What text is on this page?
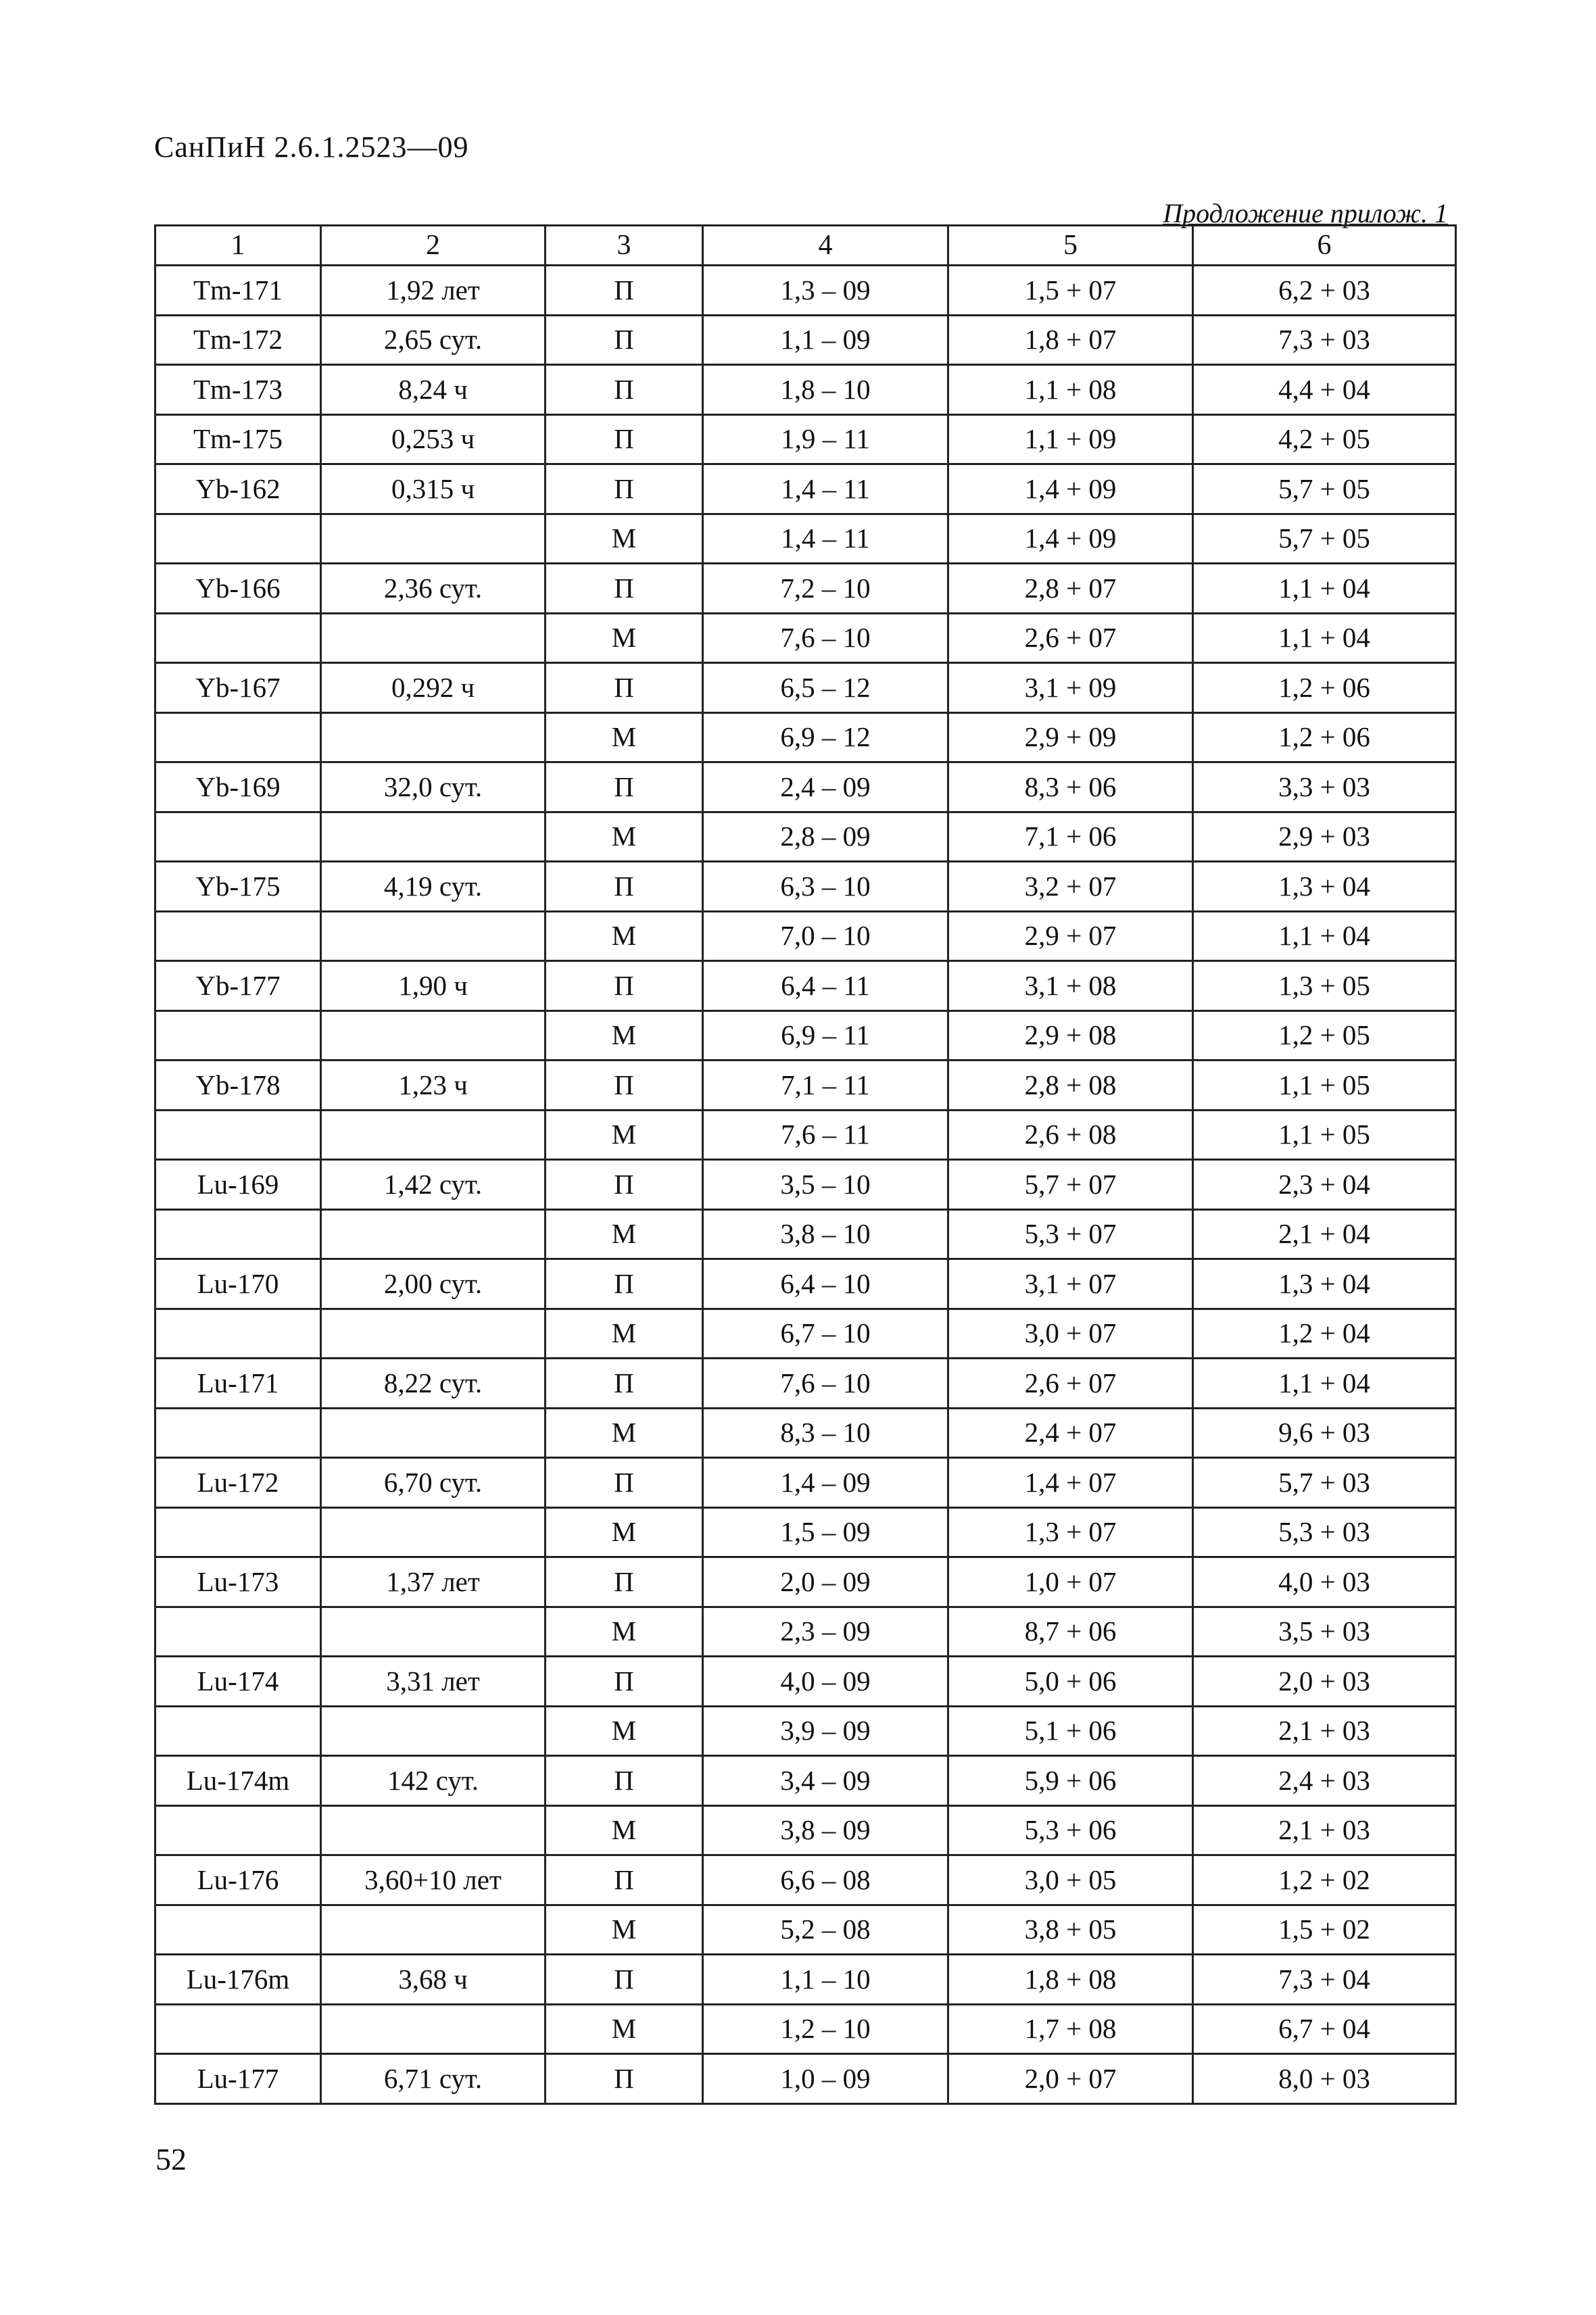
СанПиН 2.6.1.2523—09
Продложение прилож. 1
1	2	3	4	5	6
Tm-171	1,92 лет	П	1,3 – 09	1,5 + 07	6,2 + 03
Tm-172	2,65 сут.	П	1,1 – 09	1,8 + 07	7,3 + 03
Tm-173	8,24 ч	П	1,8 – 10	1,1 + 08	4,4 + 04
Tm-175	0,253 ч	П	1,9 – 11	1,1 + 09	4,2 + 05
Yb-162	0,315 ч	П	1,4 – 11	1,4 + 09	5,7 + 05
		М	1,4 – 11	1,4 + 09	5,7 + 05
Yb-166	2,36 сут.	П	7,2 – 10	2,8 + 07	1,1 + 04
		М	7,6 – 10	2,6 + 07	1,1 + 04
Yb-167	0,292 ч	П	6,5 – 12	3,1 + 09	1,2 + 06
		М	6,9 – 12	2,9 + 09	1,2 + 06
Yb-169	32,0 сут.	П	2,4 – 09	8,3 + 06	3,3 + 03
		М	2,8 – 09	7,1 + 06	2,9 + 03
Yb-175	4,19 сут.	П	6,3 – 10	3,2 + 07	1,3 + 04
		М	7,0 – 10	2,9 + 07	1,1 + 04
Yb-177	1,90 ч	П	6,4 – 11	3,1 + 08	1,3 + 05
		М	6,9 – 11	2,9 + 08	1,2 + 05
Yb-178	1,23 ч	П	7,1 – 11	2,8 + 08	1,1 + 05
		М	7,6 – 11	2,6 + 08	1,1 + 05
Lu-169	1,42 сут.	П	3,5 – 10	5,7 + 07	2,3 + 04
		М	3,8 – 10	5,3 + 07	2,1 + 04
Lu-170	2,00 сут.	П	6,4 – 10	3,1 + 07	1,3 + 04
		М	6,7 – 10	3,0 + 07	1,2 + 04
Lu-171	8,22 сут.	П	7,6 – 10	2,6 + 07	1,1 + 04
		М	8,3 – 10	2,4 + 07	9,6 + 03
Lu-172	6,70 сут.	П	1,4 – 09	1,4 + 07	5,7 + 03
		М	1,5 – 09	1,3 + 07	5,3 + 03
Lu-173	1,37 лет	П	2,0 – 09	1,0 + 07	4,0 + 03
		М	2,3 – 09	8,7 + 06	3,5 + 03
Lu-174	3,31 лет	П	4,0 – 09	5,0 + 06	2,0 + 03
		М	3,9 – 09	5,1 + 06	2,1 + 03
Lu-174m	142 сут.	П	3,4 – 09	5,9 + 06	2,4 + 03
		М	3,8 – 09	5,3 + 06	2,1 + 03
Lu-176	3,60+10 лет	П	6,6 – 08	3,0 + 05	1,2 + 02
		М	5,2 – 08	3,8 + 05	1,5 + 02
Lu-176m	3,68 ч	П	1,1 – 10	1,8 + 08	7,3 + 04
		М	1,2 – 10	1,7 + 08	6,7 + 04
Lu-177	6,71 сут.	П	1,0 – 09	2,0 + 07	8,0 + 03
52
